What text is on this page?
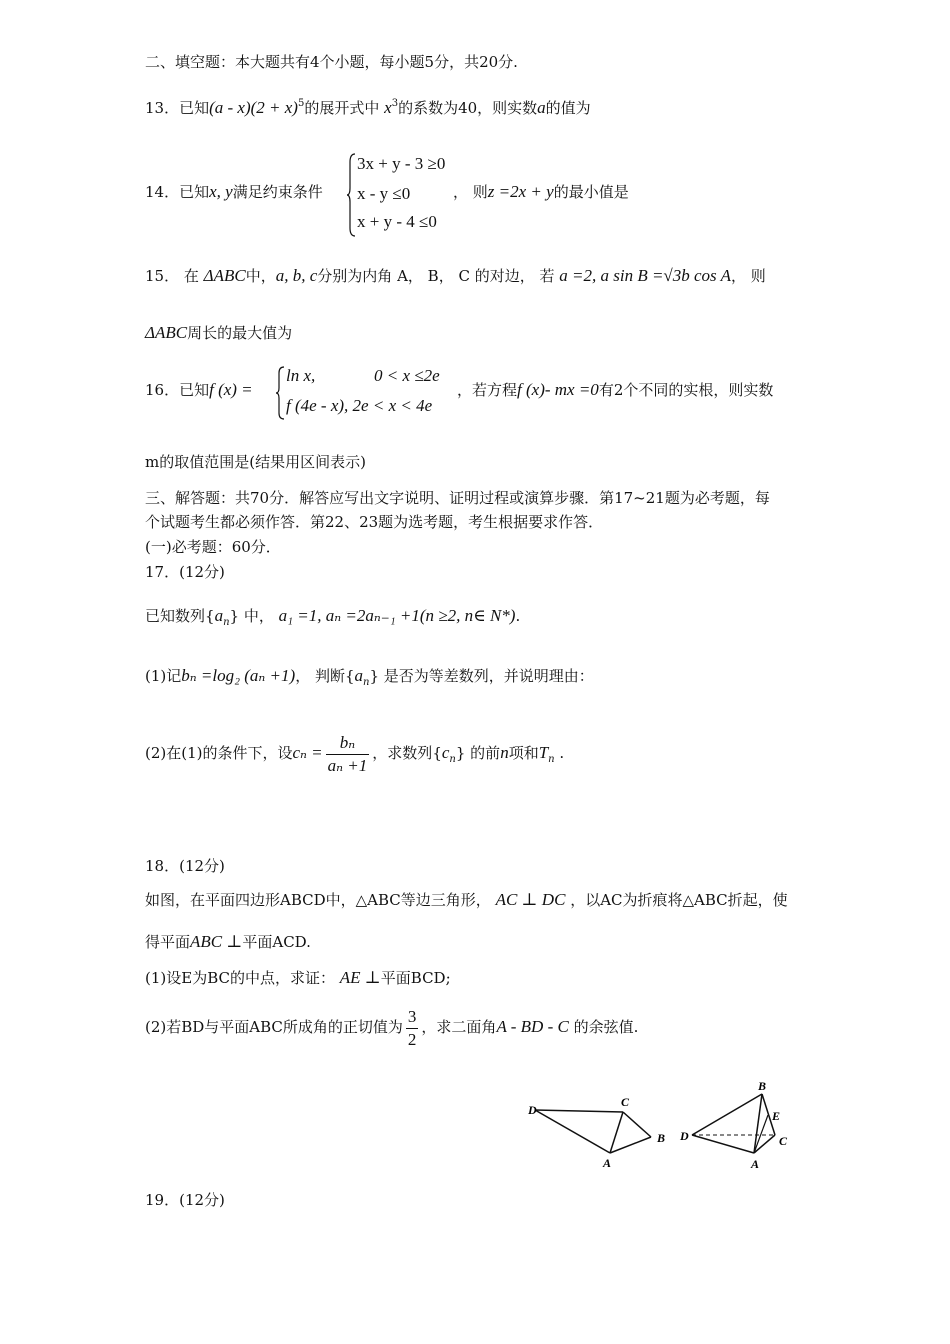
二、填空题：本大题共有4个小题，每小题5分，共20分.
13．已知$(a - x)(2 + x)^5$的展开式中 $x^3$的系数为40，则实数a的值为
14．已知x, y满足约束条件
3x + y - 3 ≥0
x - y ≤0
x + y - 4 ≤0
， 则z =2x + y的最小值是
15． 在 ΔABC中，a, b, c分别为内角 A， B， C 的对边， 若 a =2, a sin B =√3b cos A， 则
ΔABC周长的最大值为
16．已知f (x) =
ln x,	0 < x ≤2e
f (4e - x), 2e < x < 4e
，若方程f (x)- mx =0有2个不同的实根，则实数
m的取值范围是(结果用区间表示)
三、解答题：共70分．解答应写出文字说明、证明过程或演算步骤．第17~21题为必考题，每
个试题考生都必须作答．第22、23题为选考题，考生根据要求作答．
(一)必考题：60分．
17．(12分)
已知数列$\{a_n\}$ 中， a₁ =1, aₙ =2aₙ₋₁ +1(n ≥2, n∈ N*).
(1)记bₙ =log₂ (aₙ +1)， 判断$\{a_n\}$ 是否为等差数列，并说明理由：
(2)在(1)的条件下，设$c_n = \frac{\text{bₙ}}{\text{aₙ +1}}$ ，求数列$\{c_n\}$ 的前n项和$T_n$ .
18．(12分)
如图，在平面四边形ABCD中，△ABC等边三角形， AC ⊥ DC ，以AC为折痕将△ABC折起，使
得平面ABC ⊥平面ACD.
(1)设E为BC的中点，求证： AE ⊥平面BCD;
(2)若BD与平面ABC所成角的正切值为 $\frac{3}{2}$ ，求二面角A - BD - C 的余弦值.
D
C
B
A
B
E
D	C
A
19．(12分)
